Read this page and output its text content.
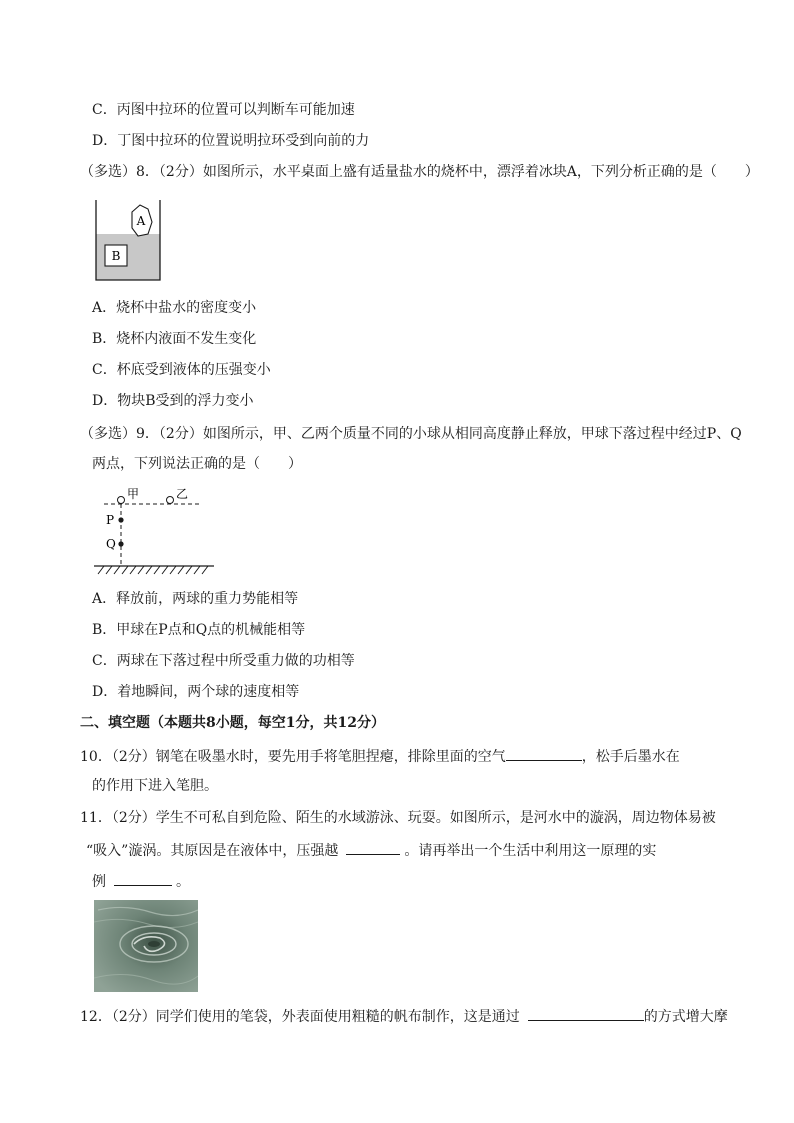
C．丙图中拉环的位置可以判断车可能加速
D．丁图中拉环的位置说明拉环受到向前的力
（多选）8．（2分）如图所示，水平桌面上盛有适量盐水的烧杯中，漂浮着冰块A，下列分析正确的是（　　）
A
B
A．烧杯中盐水的密度变小
B．烧杯内液面不发生变化
C．杯底受到液体的压强变小
D．物块B受到的浮力变小
（多选）9．（2分）如图所示，甲、乙两个质量不同的小球从相同高度静止释放，甲球下落过程中经过P、Q
两点，下列说法正确的是（　　）
甲	乙
P
Q
A．释放前，两球的重力势能相等
B．甲球在P点和Q点的机械能相等
C．两球在下落过程中所受重力做的功相等
D．着地瞬间，两个球的速度相等
二、填空题（本题共8小题，每空1分，共12分）
10．（2分）钢笔在吸墨水时，要先用手将笔胆捏瘪，排除里面的空气	，松手后墨水在
的作用下进入笔胆。
11．（2分）学生不可私自到危险、陌生的水域游泳、玩耍。如图所示，是河水中的漩涡，周边物体易被
“吸入”漩涡。其原因是在液体中，压强越	。请再举出一个生活中利用这一原理的实
例	。
12．（2分）同学们使用的笔袋，外表面使用粗糙的帆布制作，这是通过	的方式增大摩
